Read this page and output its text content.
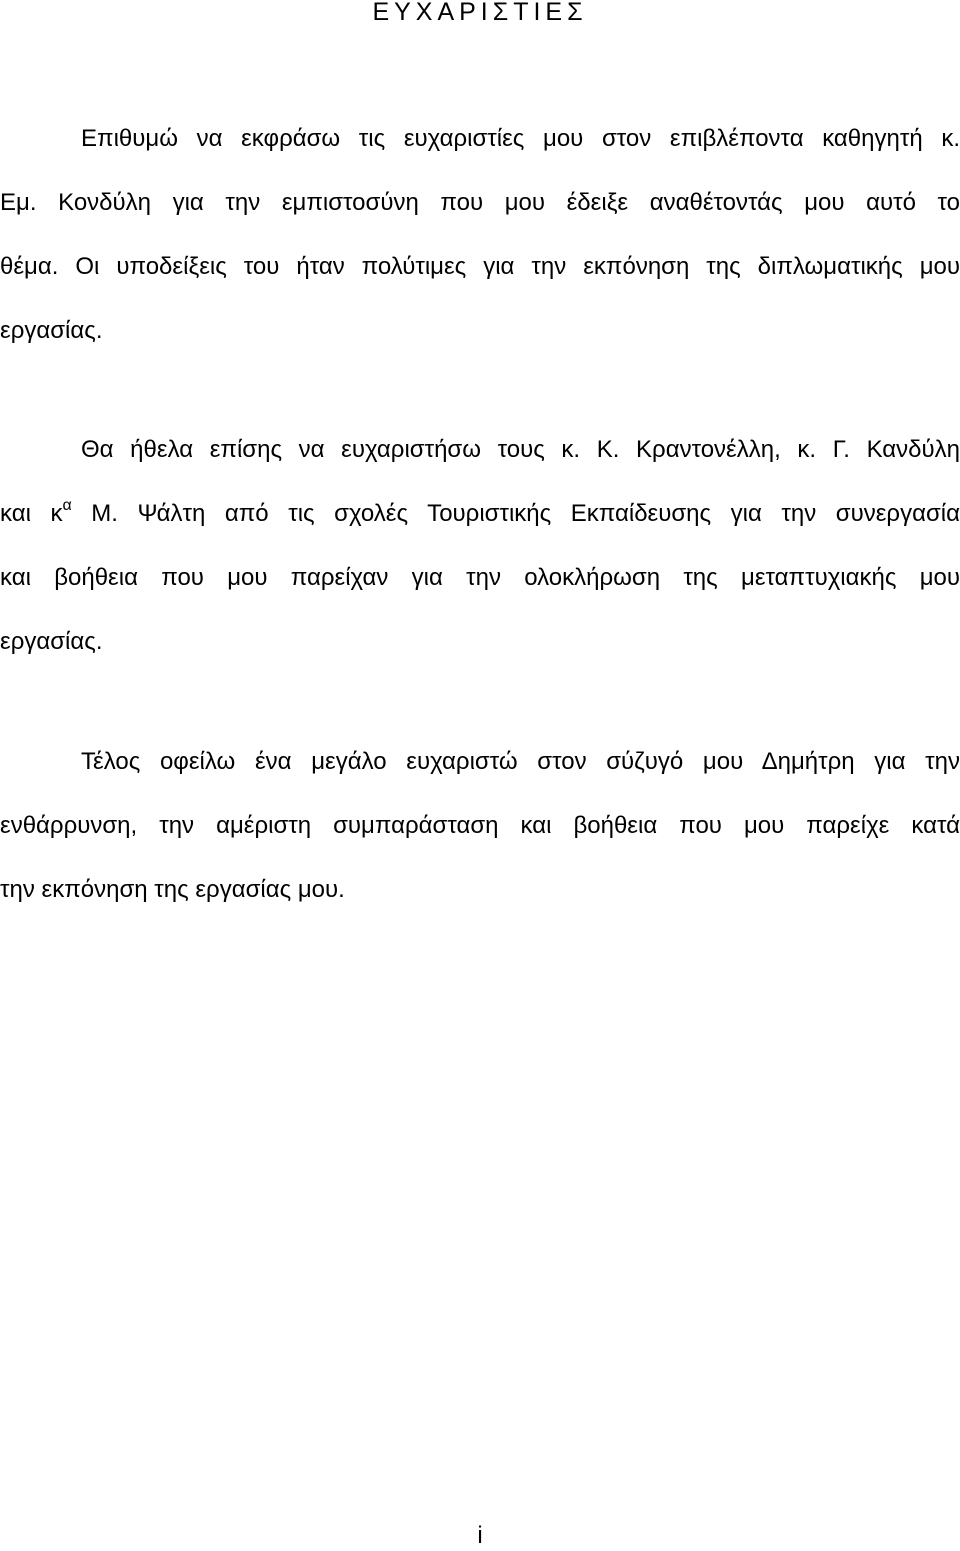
ΕΥΧΑΡΙΣΤΙΕΣ
Επιθυμώ να εκφράσω τις ευχαριστίες μου στον επιβλέποντα καθηγητή κ.
Εμ. Κονδύλη για την εμπιστοσύνη που μου έδειξε αναθέτοντάς μου αυτό το
θέμα. Οι υποδείξεις του ήταν πολύτιμες για την εκπόνηση της διπλωματικής μου
εργασίας.
Θα ήθελα επίσης να ευχαριστήσω τους κ. Κ. Κραντονέλλη, κ. Γ. Κανδύλη
και $\kappa^\alpha$ Μ. Ψάλτη από τις σχολές Τουριστικής Εκπαίδευσης για την συνεργασία
και βοήθεια που μου παρείχαν για την ολοκλήρωση της μεταπτυχιακής μου
εργασίας.
Τέλος οφείλω ένα μεγάλο ευχαριστώ στον σύζυγό μου Δημήτρη για την
ενθάρρυνση, την αμέριστη συμπαράσταση και βοήθεια που μου παρείχε κατά
την εκπόνηση της εργασίας μου.
i
